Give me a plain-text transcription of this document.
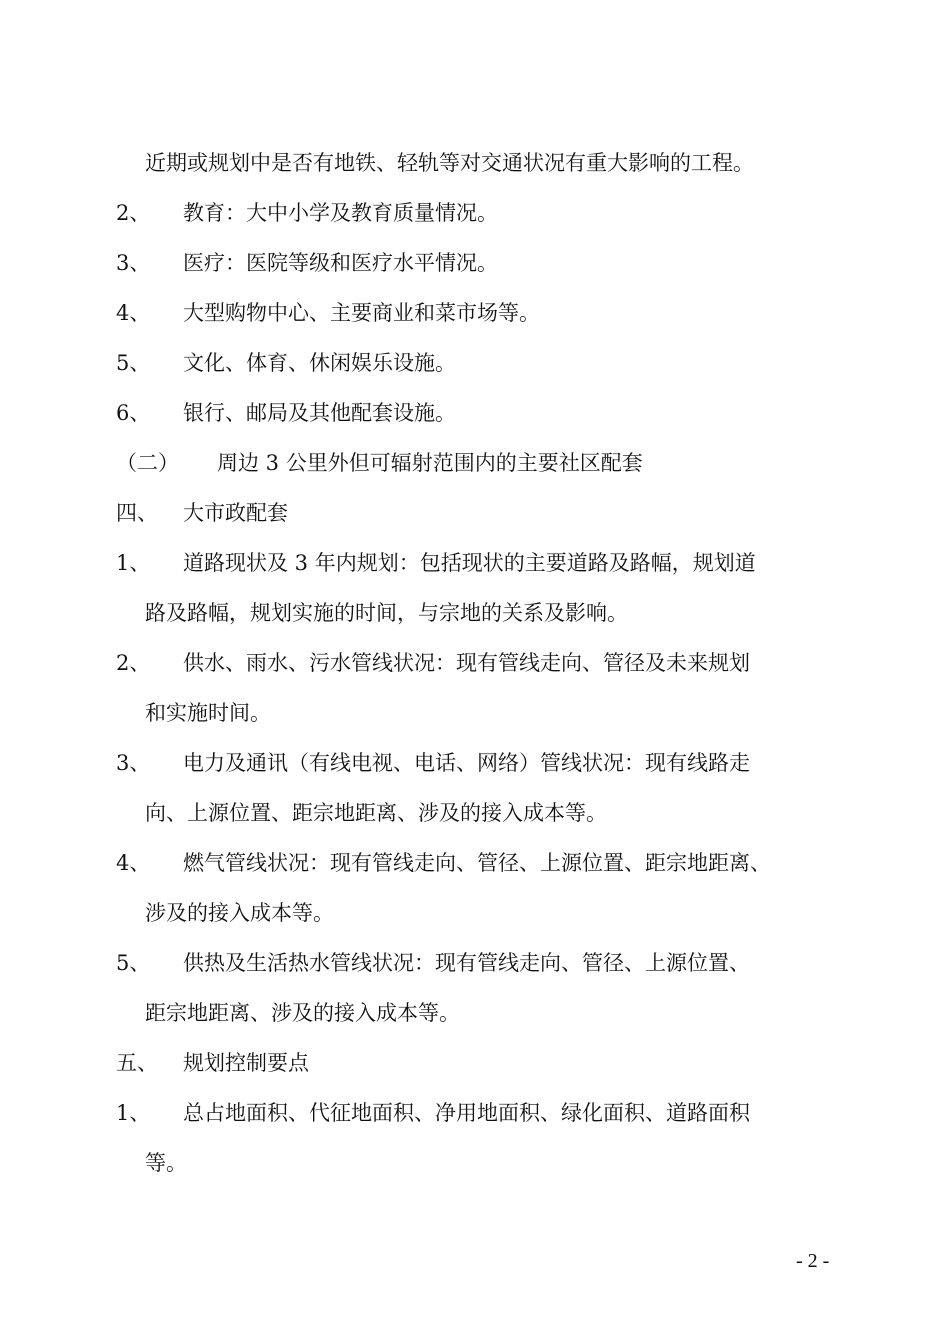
近期或规划中是否有地铁、轻轨等对交通状况有重大影响的工程。
2、 教育：大中小学及教育质量情况。
3、 医疗：医院等级和医疗水平情况。
4、 大型购物中心、主要商业和菜市场等。
5、 文化、体育、休闲娱乐设施。
6、 银行、邮局及其他配套设施。
（二） 周边 3 公里外但可辐射范围内的主要社区配套
四、 大市政配套
1、 道路现状及 3 年内规划：包括现状的主要道路及路幅，规划道
路及路幅，规划实施的时间，与宗地的关系及影响。
2、 供水、雨水、污水管线状况：现有管线走向、管径及未来规划
和实施时间。
3、 电力及通讯（有线电视、电话、网络）管线状况：现有线路走
向、上源位置、距宗地距离、涉及的接入成本等。
4、 燃气管线状况：现有管线走向、管径、上源位置、距宗地距离、
涉及的接入成本等。
5、 供热及生活热水管线状况：现有管线走向、管径、上源位置、
距宗地距离、涉及的接入成本等。
五、 规划控制要点
1、 总占地面积、代征地面积、净用地面积、绿化面积、道路面积
等。
- 2 -
